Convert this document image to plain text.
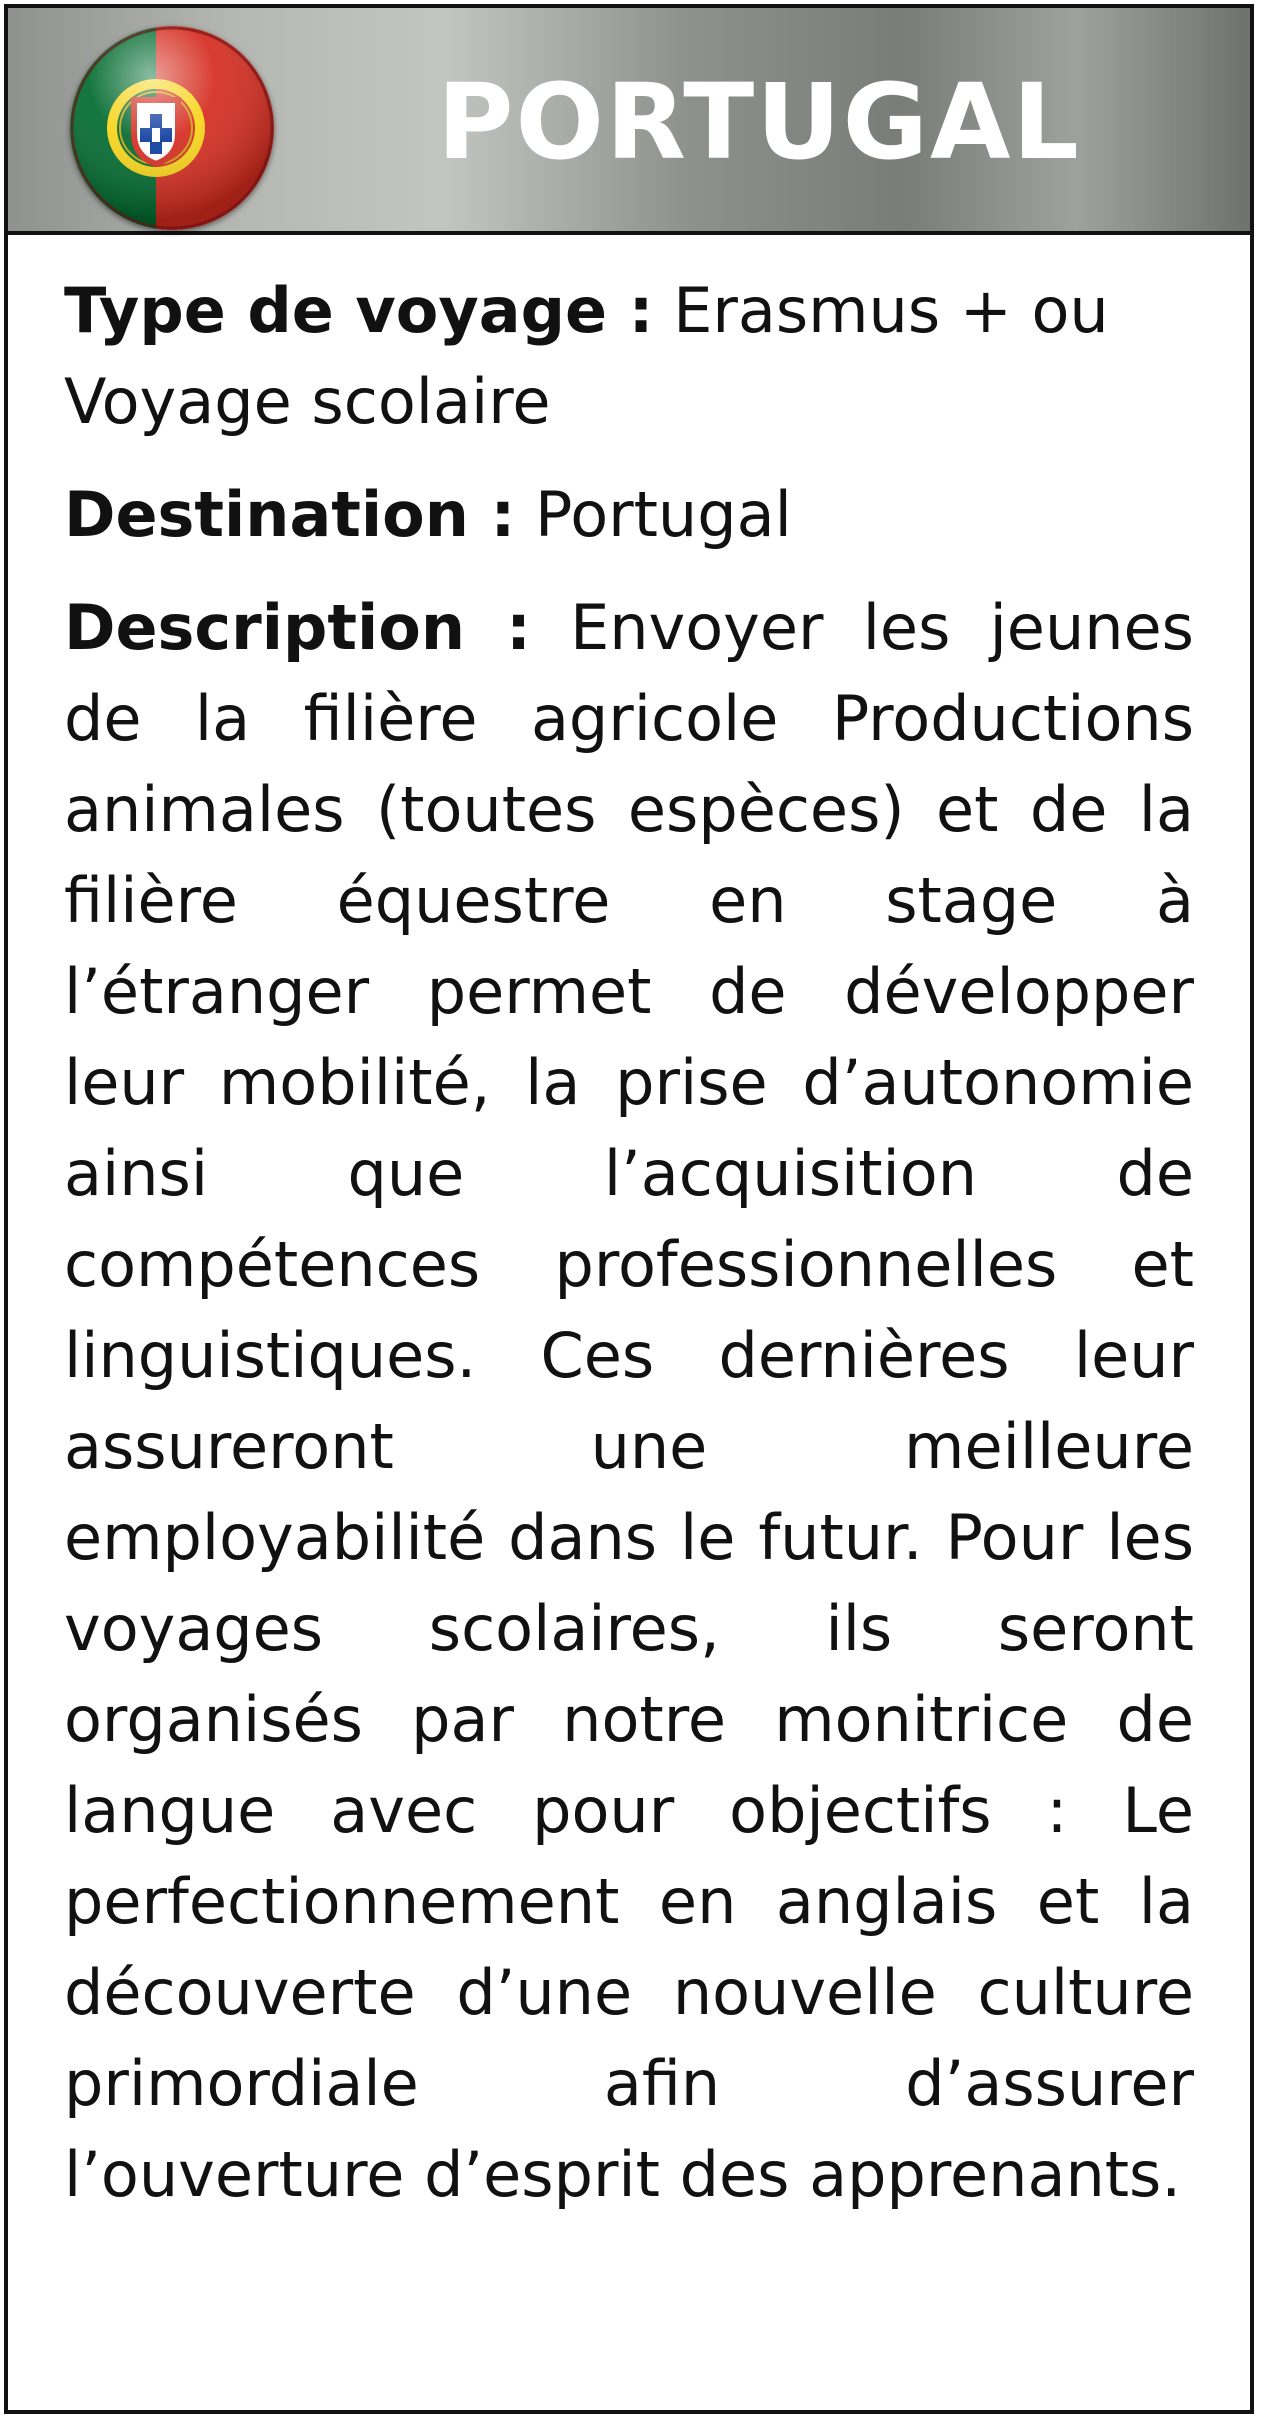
PORTUGAL

Type de voyage : Erasmus + ou Voyage scolaire

Destination : Portugal

Description : Envoyer les jeunes de la filière agricole Productions animales (toutes espèces) et de la filière équestre en stage à l’étranger permet de développer leur mobilité, la prise d’autonomie ainsi que l’acquisition de compétences professionnelles et linguistiques. Ces dernières leur assureront une meilleure employabilité dans le futur. Pour les voyages scolaires, ils seront organisés par notre monitrice de langue avec pour objectifs : Le perfectionnement en anglais et la découverte d’une nouvelle culture primordiale afin d’assurer l’ouverture d’esprit des apprenants.
